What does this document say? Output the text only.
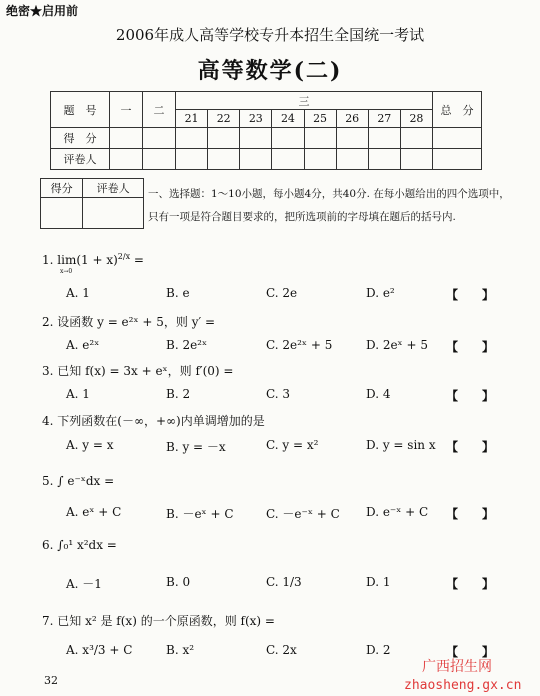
绝密★启用前
2006年成人高等学校专升本招生全国统一考试
高等数学(二)
题　号	一	二	三								总　分
			21	22	23	24	25	26	27	28	
得　分											
评卷人											
得分	评卷人
	一、选择题：1～10小题，每小题4分，共40分. 在每小题给出的四个选项中，只有一项是符合题目要求的，把所选项前的字母填在题后的括号内.
1. $\lim(1 + x)^{2/x}$ =
x→0
A. 1	B. e	C. 2e	D. e²	【　　】
2. 设函数 y = e²ˣ + 5，则 y′ =
A. e²ˣ	B. 2e²ˣ	C. 2e²ˣ + 5	D. 2eˣ + 5 【　　】
3. 已知 f(x) = 3x + eˣ，则 f′(0) =
A. 1	B. 2	C. 3	D. 4	【　　】
4. 下列函数在(－∞，+∞)内单调增加的是
A. y = x	B. y = －x	C. y = x²	D. y = sin x 【　　】
5. ∫ e⁻ˣdx =
A. eˣ + C	B. －eˣ + C	C. －e⁻ˣ + C D. e⁻ˣ + C 【　　】
6. ∫₀¹ x²dx =
A. －1	B. 0	C. 1/3	D. 1	【　　】
7. 已知 x² 是 f(x) 的一个原函数，则 f(x) =
A. x³/3 + C	B. x²	C. 2x	D. 2	【　　】
32
广西招生网
zhaosheng.gx.cn
